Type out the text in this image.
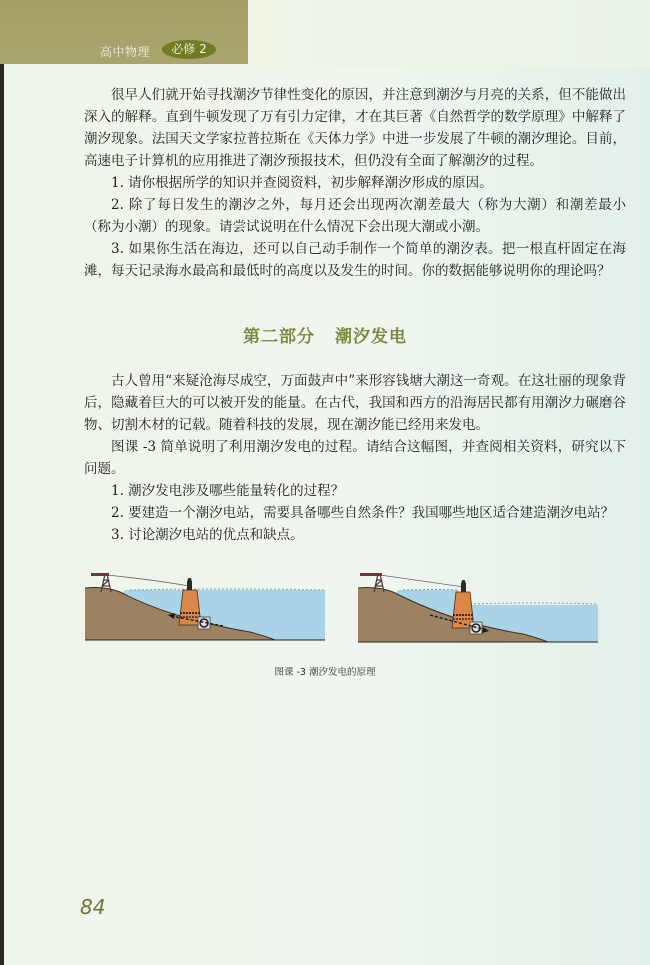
高中物理	必修 2

很早人们就开始寻找潮汐节律性变化的原因，并注意到潮汐与月亮的关系，但不能做出深入的解释。直到牛顿发现了万有引力定律，才在其巨著《自然哲学的数学原理》中解释了潮汐现象。法国天文学家拉普拉斯在《天体力学》中进一步发展了牛顿的潮汐理论。目前，高速电子计算机的应用推进了潮汐预报技术，但仍没有全面了解潮汐的过程。

1. 请你根据所学的知识并查阅资料，初步解释潮汐形成的原因。

2. 除了每日发生的潮汐之外，每月还会出现两次潮差最大（称为大潮）和潮差最小（称为小潮）的现象。请尝试说明在什么情况下会出现大潮或小潮。

3. 如果你生活在海边，还可以自己动手制作一个简单的潮汐表。把一根直杆固定在海滩，每天记录海水最高和最低时的高度以及发生的时间。你的数据能够说明你的理论吗？

第二部分 潮汐发电

古人曾用“来疑沧海尽成空，万面鼓声中”来形容钱塘大潮这一奇观。在这壮丽的现象背后，隐藏着巨大的可以被开发的能量。在古代，我国和西方的沿海居民都有用潮汐力碾磨谷物、切割木材的记载。随着科技的发展，现在潮汐能已经用来发电。

图课 -3 简单说明了利用潮汐发电的过程。请结合这幅图，并查阅相关资料，研究以下问题。

1. 潮汐发电涉及哪些能量转化的过程？

2. 要建造一个潮汐电站，需要具备哪些自然条件？我国哪些地区适合建造潮汐电站？

3. 讨论潮汐电站的优点和缺点。

图课 -3 潮汐发电的原理
84
